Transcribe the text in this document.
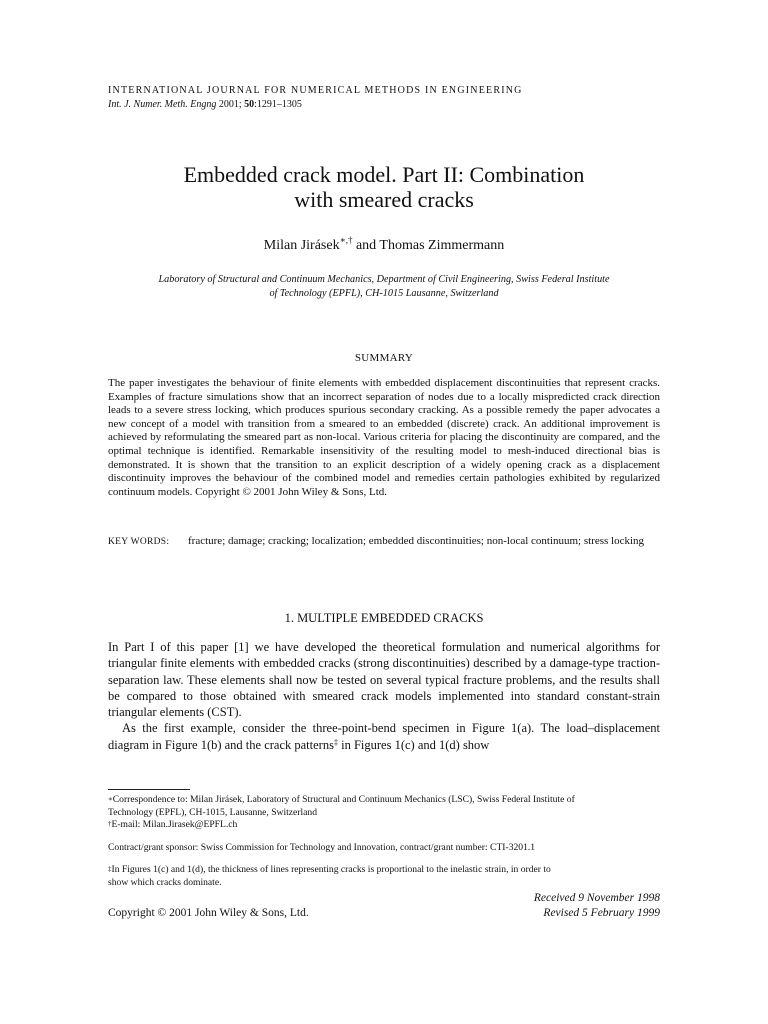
INTERNATIONAL JOURNAL FOR NUMERICAL METHODS IN ENGINEERING
Int. J. Numer. Meth. Engng 2001; 50:1291–1305
Embedded crack model. Part II: Combination
with smeared cracks
Milan Jirásek∗,† and Thomas Zimmermann
Laboratory of Structural and Continuum Mechanics, Department of Civil Engineering, Swiss Federal Institute
of Technology (EPFL), CH-1015 Lausanne, Switzerland
SUMMARY
The paper investigates the behaviour of finite elements with embedded displacement discontinuities that represent cracks. Examples of fracture simulations show that an incorrect separation of nodes due to a locally mispredicted crack direction leads to a severe stress locking, which produces spurious secondary cracking. As a possible remedy the paper advocates a new concept of a model with transition from a smeared to an embedded (discrete) crack. An additional improvement is achieved by reformulating the smeared part as non-local. Various criteria for placing the discontinuity are compared, and the optimal technique is identified. Remarkable insensitivity of the resulting model to mesh-induced directional bias is demonstrated. It is shown that the transition to an explicit description of a widely opening crack as a displacement discontinuity improves the behaviour of the combined model and remedies certain pathologies exhibited by regularized continuum models. Copyright © 2001 John Wiley & Sons, Ltd.
KEY WORDS:	fracture; damage; cracking; localization; embedded discontinuities; non-local continuum; stress locking
1. MULTIPLE EMBEDDED CRACKS

In Part I of this paper [1] we have developed the theoretical formulation and numerical algorithms for triangular finite elements with embedded cracks (strong discontinuities) described by a damage-type traction-separation law. These elements shall now be tested on several typical fracture problems, and the results shall be compared to those obtained with smeared crack models implemented into standard constant-strain triangular elements (CST).

As the first example, consider the three-point-bend specimen in Figure 1(a). The load–displacement diagram in Figure 1(b) and the crack patterns‡ in Figures 1(c) and 1(d) show

∗Correspondence to: Milan Jirásek, Laboratory of Structural and Continuum Mechanics (LSC), Swiss Federal Institute of
Technology (EPFL), CH-1015, Lausanne, Switzerland
†E-mail: Milan.Jirasek@EPFL.ch
Contract/grant sponsor: Swiss Commission for Technology and Innovation, contract/grant number: CTI-3201.1
‡In Figures 1(c) and 1(d), the thickness of lines representing cracks is proportional to the inelastic strain, in order to
show which cracks dominate.
Received 9 November 1998
Revised 5 February 1999
Copyright © 2001 John Wiley & Sons, Ltd.
